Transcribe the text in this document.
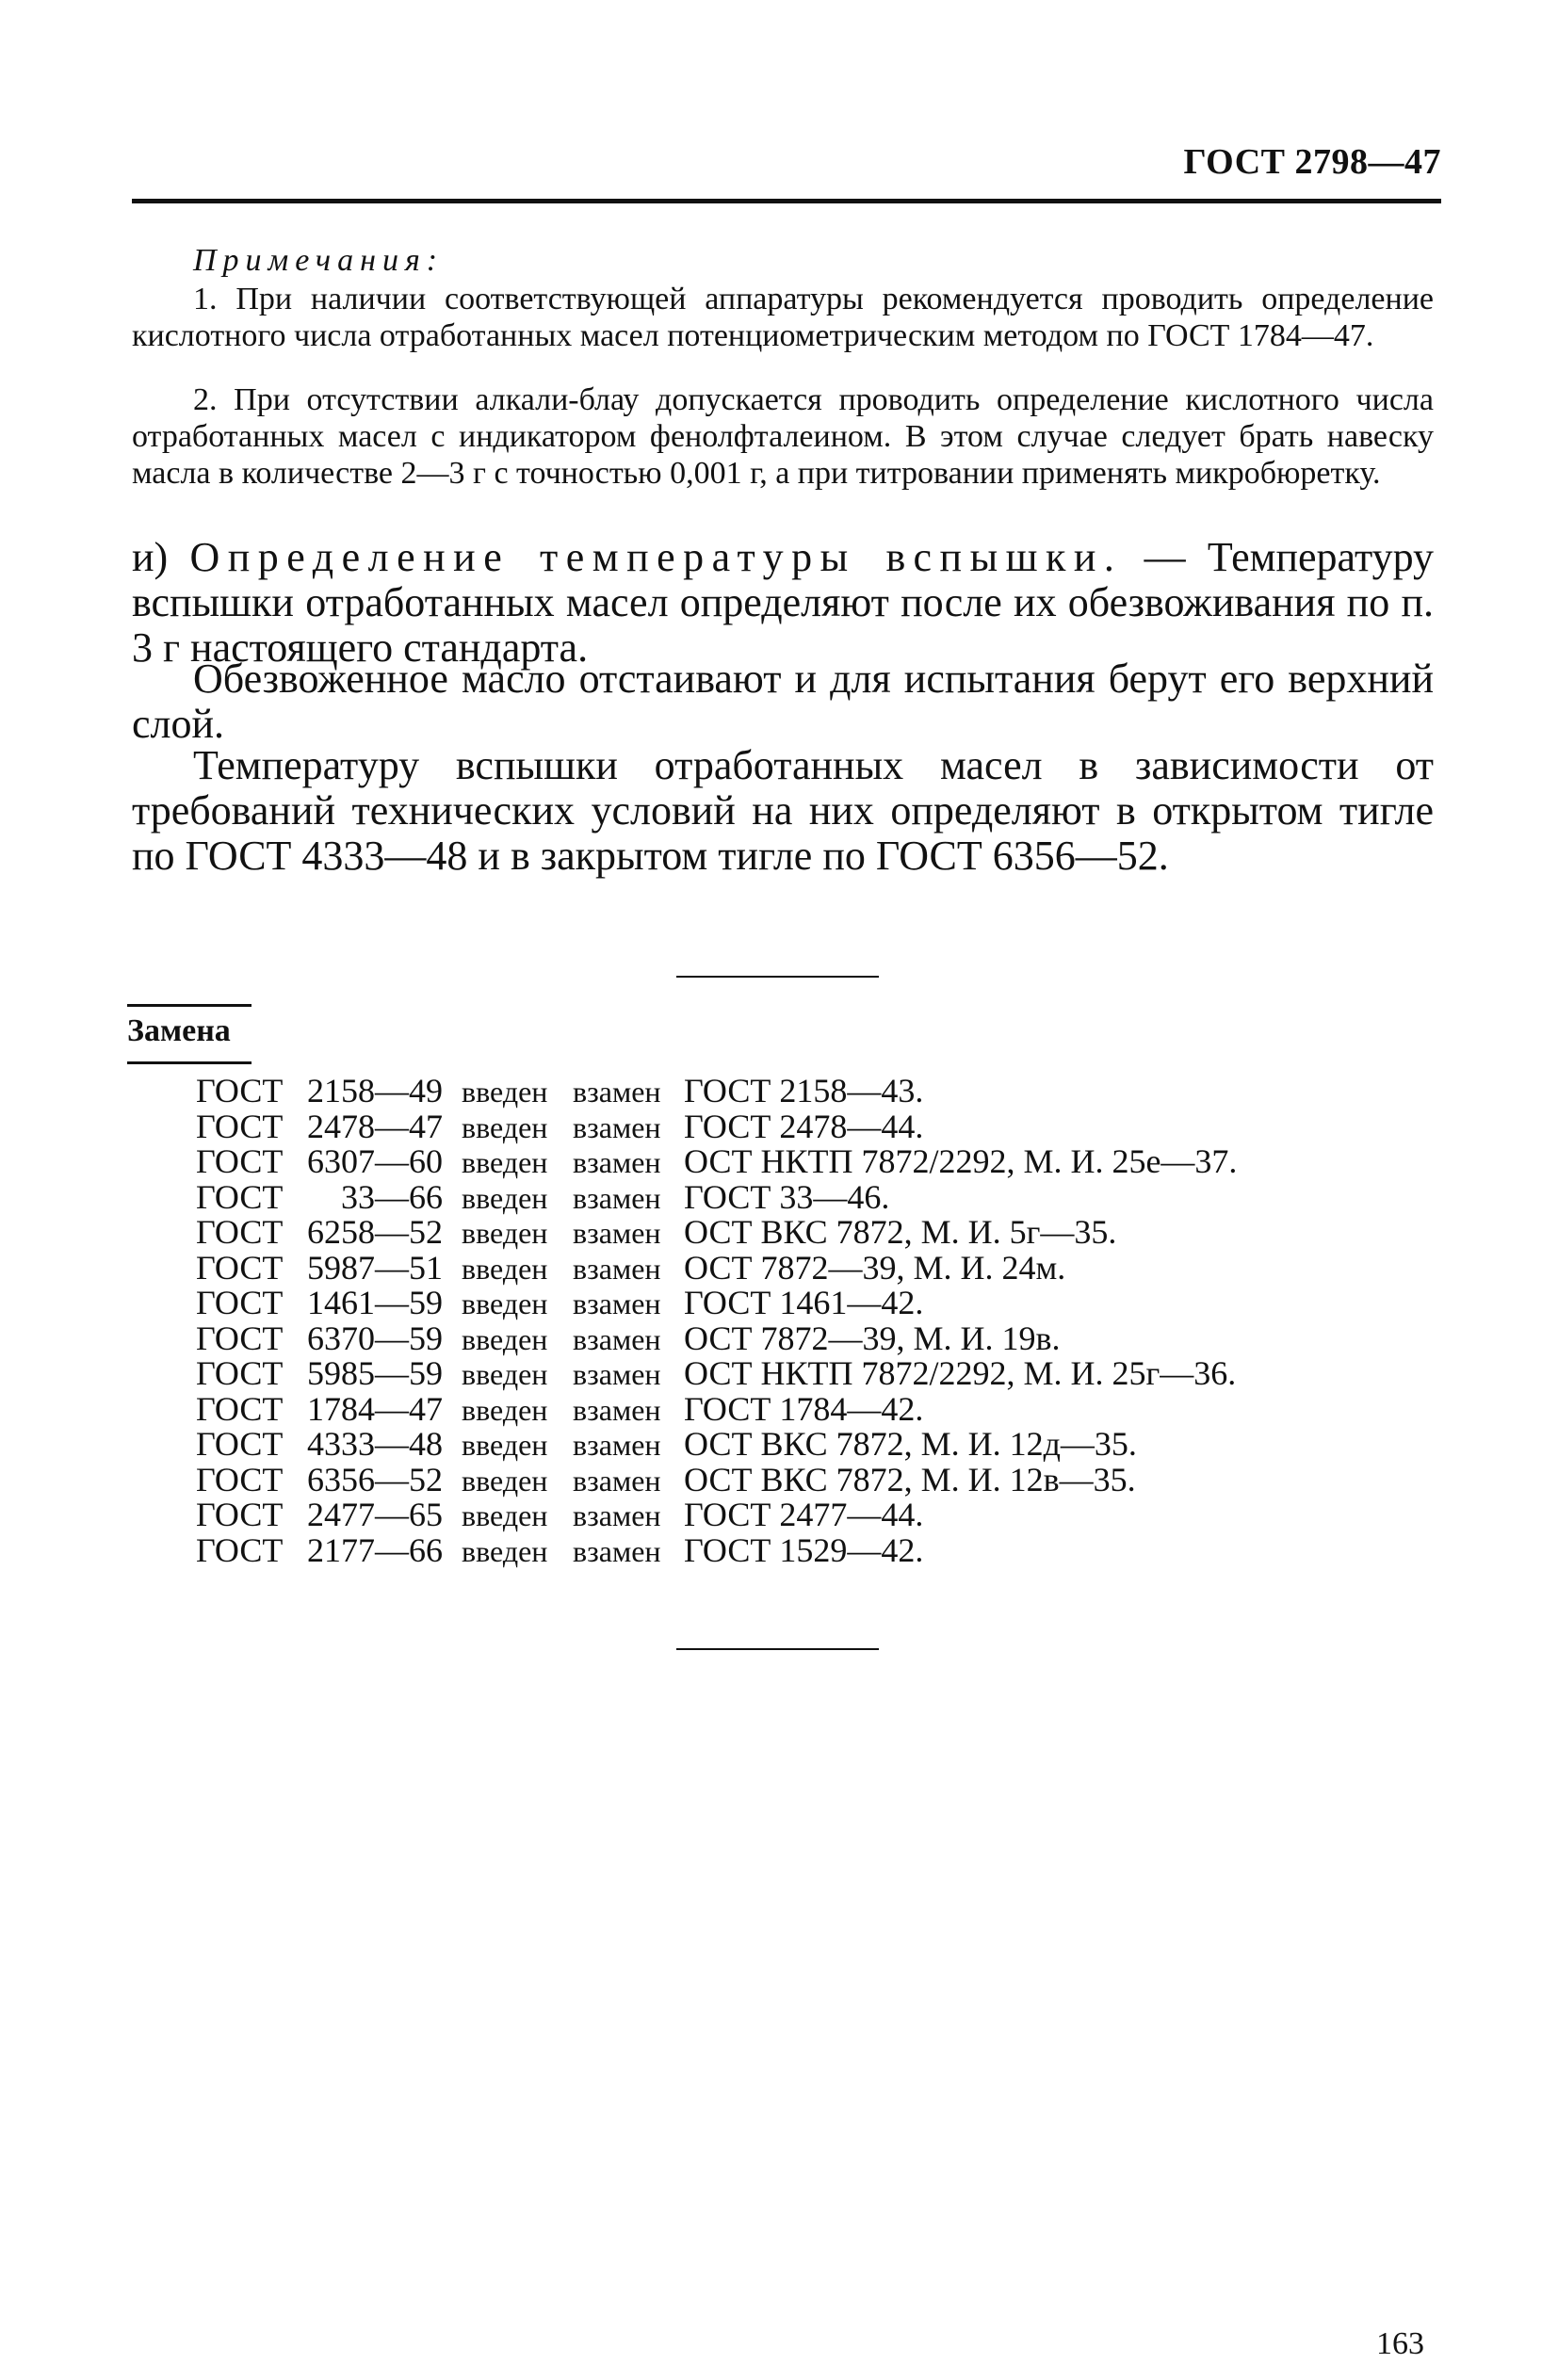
ГОСТ 2798—47
Примечания:
1. При наличии соответствующей аппаратуры рекомендуется проводить определение кислотного числа отработанных масел потенциометрическим методом по ГОСТ 1784—47.
2. При отсутствии алкали-блау допускается проводить определение кислотного числа отработанных масел с индикатором фенолфталеином. В этом случае следует брать навеску масла в количестве 2—3 г с точностью 0,001 г, а при титровании применять микробюретку.
и) Определение температуры вспышки. — Температуру вспышки отработанных масел определяют после их обезвоживания по п. 3 г настоящего стандарта.
Обезвоженное масло отстаивают и для испытания берут его верхний слой.
Температуру вспышки отработанных масел в зависимости от требований технических условий на них определяют в открытом тигле по ГОСТ 4333—48 и в закрытом тигле по ГОСТ 6356—52.
Замена
ГОСТ 2158—49 введен взамен ГОСТ 2158—43.
ГОСТ 2478—47 введен взамен ГОСТ 2478—44.
ГОСТ 6307—60 введен взамен ОСТ НКТП 7872/2292, М. И. 25е—37.
ГОСТ 33—66 введен взамен ГОСТ 33—46.
ГОСТ 6258—52 введен взамен ОСТ ВКС 7872, М. И. 5г—35.
ГОСТ 5987—51 введен взамен ОСТ 7872—39, М. И. 24м.
ГОСТ 1461—59 введен взамен ГОСТ 1461—42.
ГОСТ 6370—59 введен взамен ОСТ 7872—39, М. И. 19в.
ГОСТ 5985—59 введен взамен ОСТ НКТП 7872/2292, М. И. 25г—36.
ГОСТ 1784—47 введен взамен ГОСТ 1784—42.
ГОСТ 4333—48 введен взамен ОСТ ВКС 7872, М. И. 12д—35.
ГОСТ 6356—52 введен взамен ОСТ ВКС 7872, М. И. 12в—35.
ГОСТ 2477—65 введен взамен ГОСТ 2477—44.
ГОСТ 2177—66 введен взамен ГОСТ 1529—42.
163
